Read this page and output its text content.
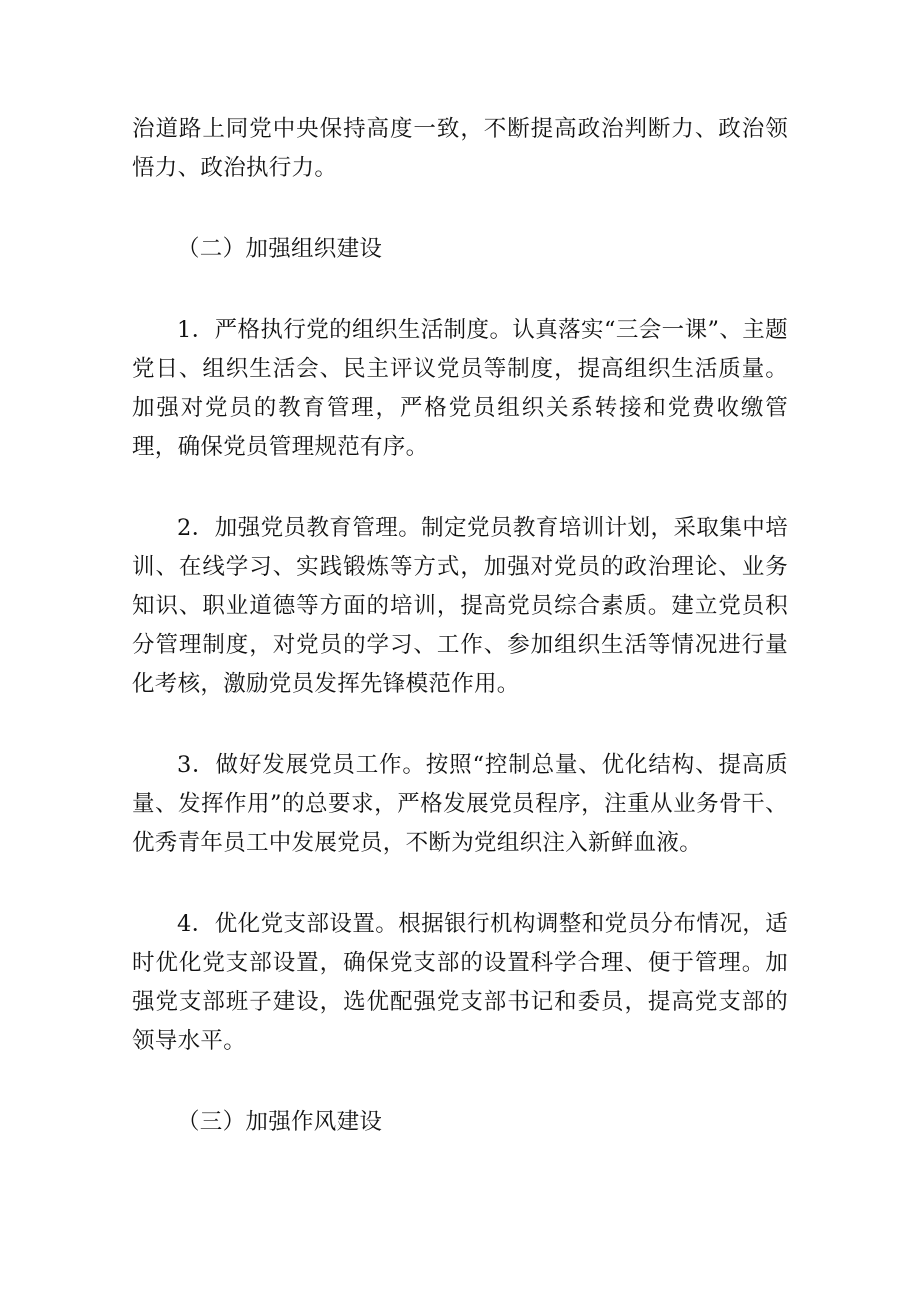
治道路上同党中央保持高度一致，不断提高政治判断力、政治领悟力、政治执行力。

（二）加强组织建设

1．严格执行党的组织生活制度。认真落实“三会一课”、主题党日、组织生活会、民主评议党员等制度，提高组织生活质量。加强对党员的教育管理，严格党员组织关系转接和党费收缴管理，确保党员管理规范有序。

2．加强党员教育管理。制定党员教育培训计划，采取集中培训、在线学习、实践锻炼等方式，加强对党员的政治理论、业务知识、职业道德等方面的培训，提高党员综合素质。建立党员积分管理制度，对党员的学习、工作、参加组织生活等情况进行量化考核，激励党员发挥先锋模范作用。

3．做好发展党员工作。按照“控制总量、优化结构、提高质量、发挥作用”的总要求，严格发展党员程序，注重从业务骨干、优秀青年员工中发展党员，不断为党组织注入新鲜血液。

4．优化党支部设置。根据银行机构调整和党员分布情况，适时优化党支部设置，确保党支部的设置科学合理、便于管理。加强党支部班子建设，选优配强党支部书记和委员，提高党支部的领导水平。

（三）加强作风建设
